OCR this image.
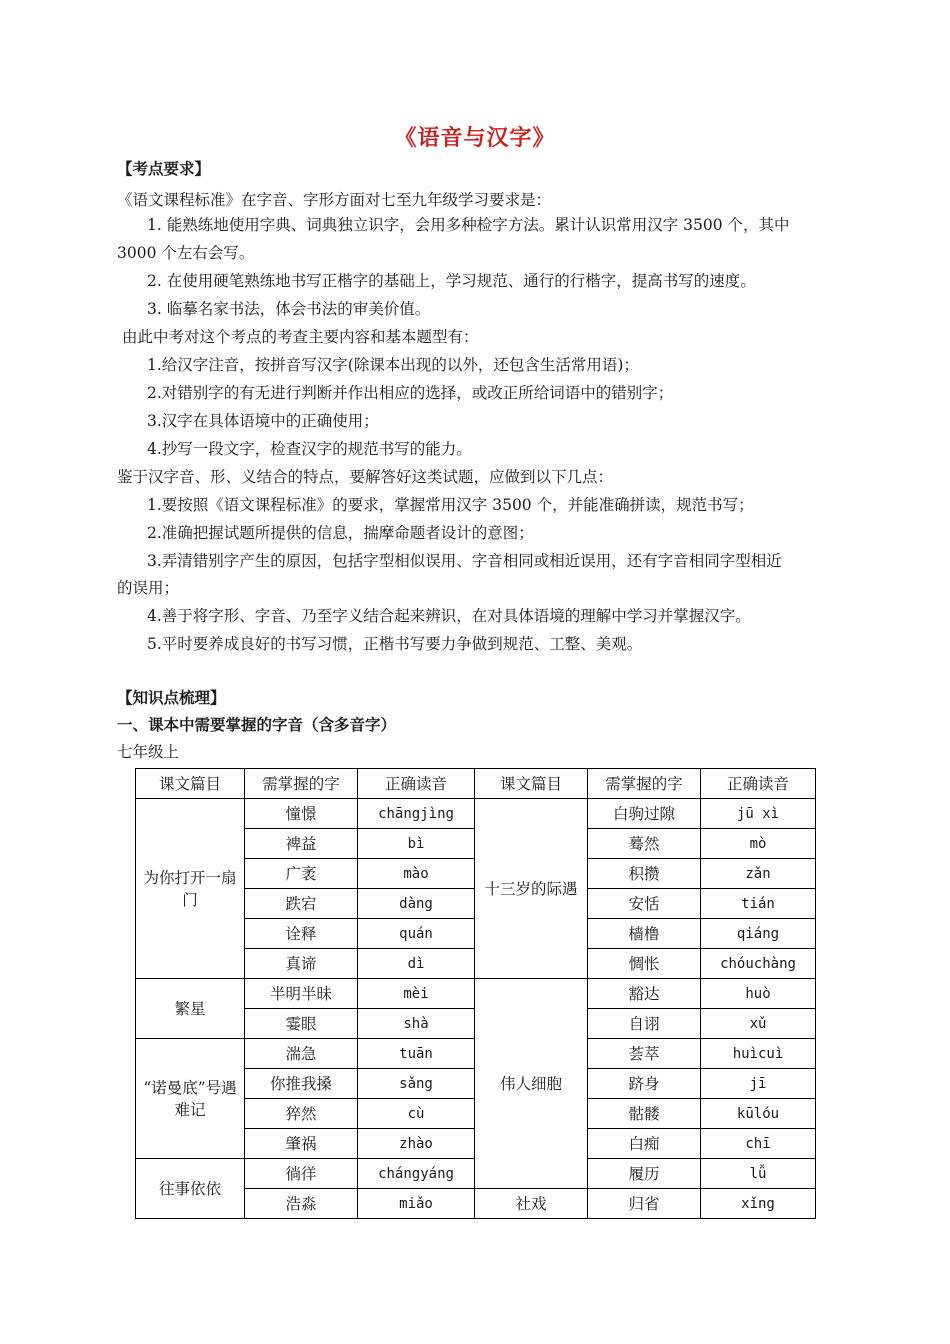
《语音与汉字》
【考点要求】
《语文课程标准》在字音、字形方面对七至九年级学习要求是：
1. 能熟练地使用字典、词典独立识字，会用多种检字方法。累计认识常用汉字 3500 个，其中
3000 个左右会写。
2. 在使用硬笔熟练地书写正楷字的基础上，学习规范、通行的行楷字，提高书写的速度。
3. 临摹名家书法，体会书法的审美价值。
由此中考对这个考点的考查主要内容和基本题型有：
1.给汉字注音，按拼音写汉字(除课本出现的以外，还包含生活常用语)；
2.对错别字的有无进行判断并作出相应的选择，或改正所给词语中的错别字；
3.汉字在具体语境中的正确使用；
4.抄写一段文字，检查汉字的规范书写的能力。
鉴于汉字音、形、义结合的特点，要解答好这类试题，应做到以下几点：
1.要按照《语文课程标准》的要求，掌握常用汉字 3500 个，并能准确拼读，规范书写；
2.准确把握试题所提供的信息，揣摩命题者设计的意图；
3.弄清错别字产生的原因，包括字型相似误用、字音相同或相近误用，还有字音相同字型相近
的误用；
4.善于将字形、字音、乃至字义结合起来辨识，在对具体语境的理解中学习并掌握汉字。
5.平时要养成良好的书写习惯，正楷书写要力争做到规范、工整、美观。
【知识点梳理】
一、课本中需要掌握的字音（含多音字）
七年级上
课文篇目	需掌握的字	正确读音	课文篇目	需掌握的字	正确读音
为你打开一扇门	憧憬	chāngjìng	十三岁的际遇	白驹过隙	jū xì
	裨益	bì		蓦然	mò
	广袤	mào		积攒	zǎn
	跌宕	dàng		安恬	tián
	诠释	quán		樯橹	qiáng
	真谛	dì		惆怅	chóuchàng
繁星	半明半昧	mèi	伟人细胞	豁达	huò
	霎眼	shà		自诩	xǔ
“诺曼底”号遇难记	湍急	tuān		荟萃	huìcuì
	你推我搡	sǎng		跻身	jī
	猝然	cù		骷髅	kūlóu
	肇祸	zhào		白痴	chī
往事依依	徜徉	chángyáng		履历	lǚ
	浩淼	miǎo	社戏	归省	xǐng
